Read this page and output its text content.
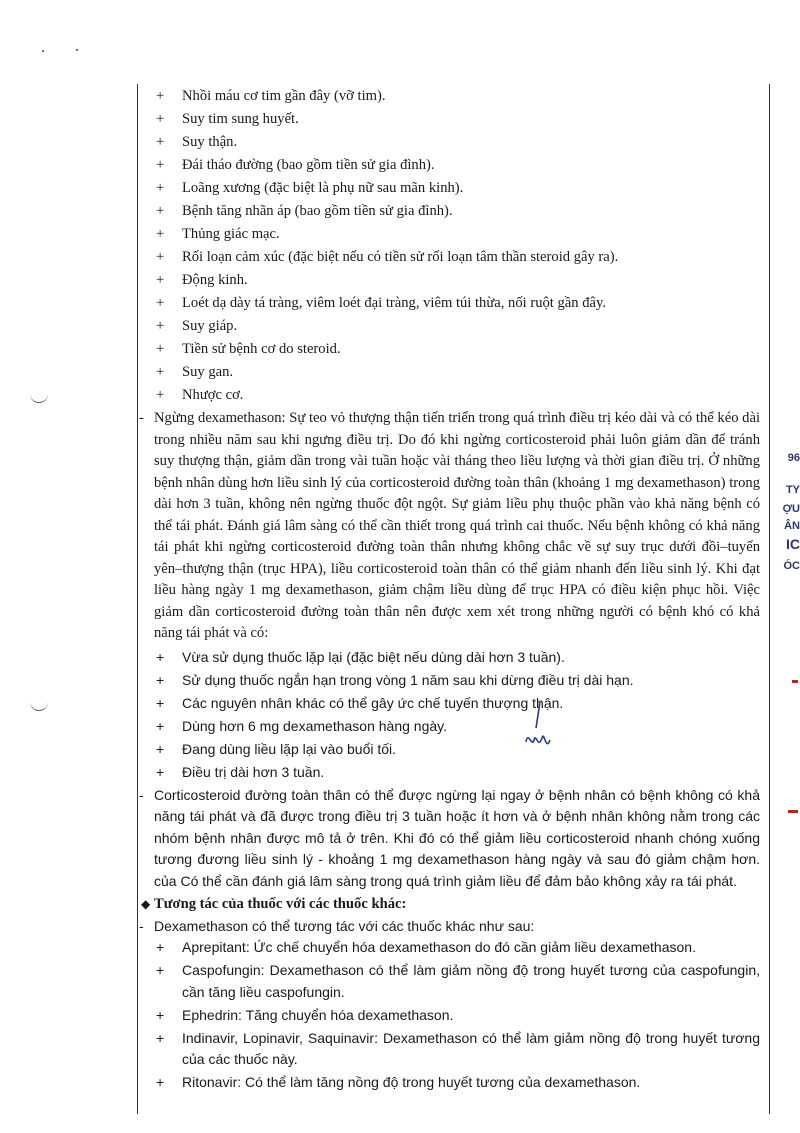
96
TY
ỢU
ÂN
IC
ÓC
+ Nhồi máu cơ tim gần đây (vỡ tim).
+ Suy tim sung huyết.
+ Suy thận.
+ Đái tháo đường (bao gồm tiền sử gia đình).
+ Loãng xương (đặc biệt là phụ nữ sau mãn kinh).
+ Bệnh tăng nhãn áp (bao gồm tiền sử gia đình).
+ Thủng giác mạc.
+ Rối loạn cảm xúc (đặc biệt nếu có tiền sử rối loạn tâm thần steroid gây ra).
+ Động kinh.
+ Loét dạ dày tá tràng, viêm loét đại tràng, viêm túi thừa, nối ruột gần đây.
+ Suy giáp.
+ Tiền sử bệnh cơ do steroid.
+ Suy gan.
+ Nhược cơ.
- Ngừng dexamethason: Sự teo vỏ thượng thận tiến triển trong quá trình điều trị kéo dài và có thể kéo dài trong nhiều năm sau khi ngưng điều trị. Do đó khi ngừng corticosteroid phải luôn giảm dần để tránh suy thượng thận, giảm dần trong vài tuần hoặc vài tháng theo liều lượng và thời gian điều trị. Ở những bệnh nhân dùng hơn liều sinh lý của corticosteroid đường toàn thân (khoảng 1 mg dexamethason) trong dài hơn 3 tuần, không nên ngừng thuốc đột ngột. Sự giảm liều phụ thuộc phần vào khả năng bệnh có thể tái phát. Đánh giá lâm sàng có thể cần thiết trong quá trình cai thuốc. Nếu bệnh không có khả năng tái phát khi ngừng corticosteroid đường toàn thân nhưng không chắc về sự suy trục dưới đồi–tuyến yên–thượng thận (trục HPA), liều corticosteroid toàn thân có thể giảm nhanh đến liều sinh lý. Khi đạt liều hàng ngày 1 mg dexamethason, giảm chậm liều dùng để trục HPA có điều kiện phục hồi. Việc giảm dần corticosteroid đường toàn thân nên được xem xét trong những người có bệnh khó có khả năng tái phát và có:
+ Vừa sử dụng thuốc lặp lại (đặc biệt nếu dùng dài hơn 3 tuần).
+ Sử dụng thuốc ngắn hạn trong vòng 1 năm sau khi dừng điều trị dài hạn.
+ Các nguyên nhân khác có thể gây ức chế tuyến thượng thận.
+ Dùng hơn 6 mg dexamethason hàng ngày.
+ Đang dùng liều lặp lại vào buổi tối.
+ Điều trị dài hơn 3 tuần.
- Corticosteroid đường toàn thân có thể được ngừng lại ngay ở bệnh nhân có bệnh không có khả năng tái phát và đã được trong điều trị 3 tuần hoặc ít hơn và ở bệnh nhân không nằm trong các nhóm bệnh nhân được mô tả ở trên. Khi đó có thể giảm liều corticosteroid nhanh chóng xuống tương đương liều sinh lý - khoảng 1 mg dexamethason hàng ngày và sau đó giảm chậm hơn. của Có thể cần đánh giá lâm sàng trong quá trình giảm liều để đảm bảo không xảy ra tái phát.
◆ Tương tác của thuốc với các thuốc khác:
- Dexamethason có thể tương tác với các thuốc khác như sau:
+ Aprepitant: Ức chế chuyển hóa dexamethason do đó cần giảm liều dexamethason.
+ Caspofungin: Dexamethason có thể làm giảm nồng độ trong huyết tương của caspofungin, cần tăng liều caspofungin.
+ Ephedrin: Tăng chuyển hóa dexamethason.
+ Indinavir, Lopinavir, Saquinavir: Dexamethason có thể làm giảm nồng độ trong huyết tương của các thuốc này.
+ Ritonavir: Có thể làm tăng nồng độ trong huyết tương của dexamethason.
